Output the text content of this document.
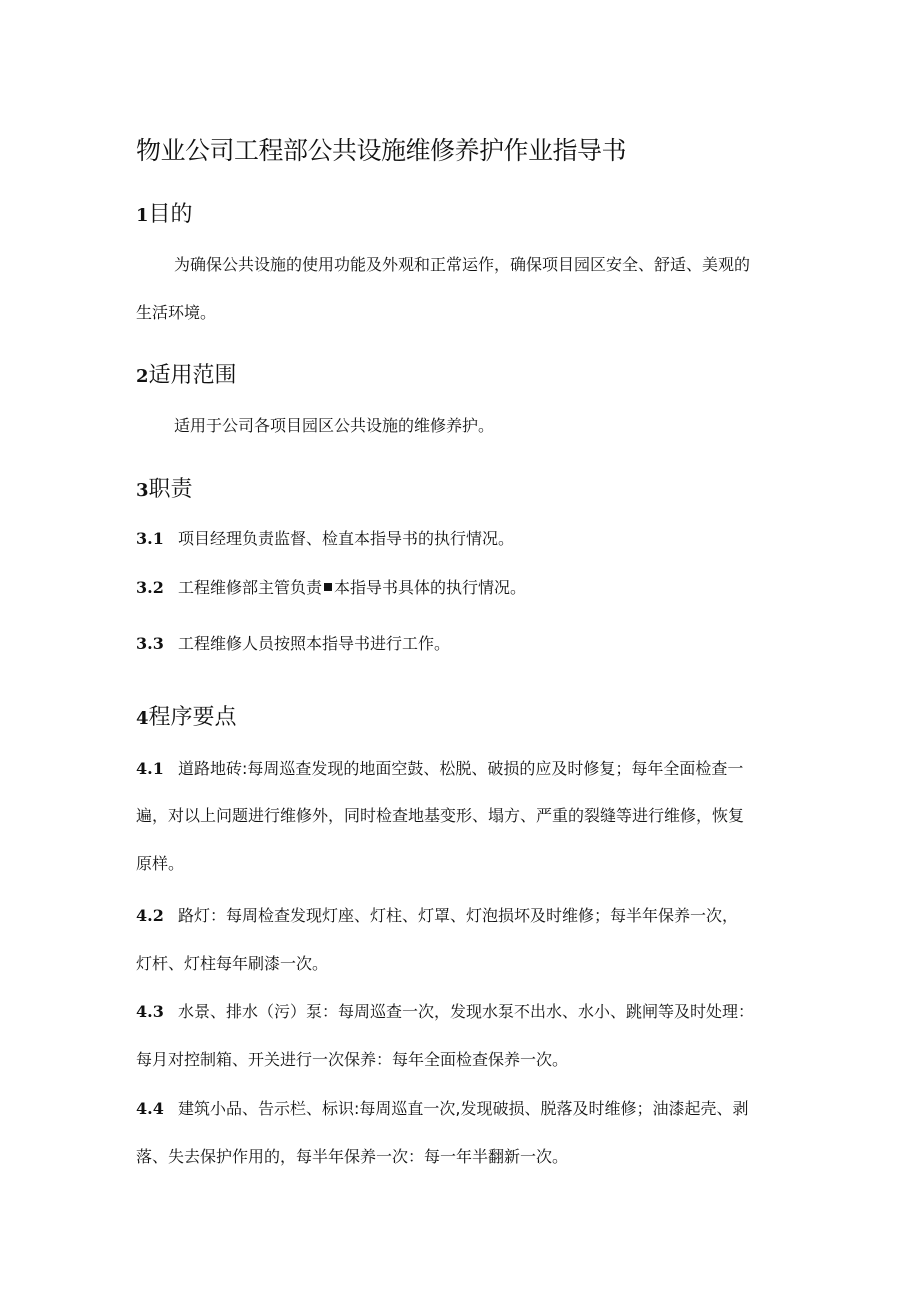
物业公司工程部公共设施维修养护作业指导书
1目的
为确保公共设施的使用功能及外观和正常运作，确保项目园区安全、舒适、美观的
生活环境。
2适用范围
适用于公司各项目园区公共设施的维修养护。
3职责
3.1 项目经理负责监督、检直本指导书的执行情况。
3.2 工程维修部主管负责 本指导书具体的执行情况。
3.3 工程维修人员按照本指导书进行工作。
4程序要点
4.1 道路地砖:每周巡查发现的地面空鼓、松脱、破损的应及时修复；每年全面检查一
遍，对以上问题进行维修外，同时检查地基变形、塌方、严重的裂缝等进行维修，恢复
原样。
4.2 路灯：每周检查发现灯座、灯柱、灯罩、灯泡损坏及时维修；每半年保养一次，
灯杆、灯柱每年刷漆一次。
4.3 水景、排水（污）泵：每周巡查一次，发现水泵不出水、水小、跳闸等及时处理：
每月对控制箱、开关进行一次保养：每年全面检查保养一次。
4.4 建筑小品、告示栏、标识:每周巡直一次,发现破损、脱落及时维修；油漆起壳、剥
落、失去保护作用的，每半年保养一次：每一年半翻新一次。
